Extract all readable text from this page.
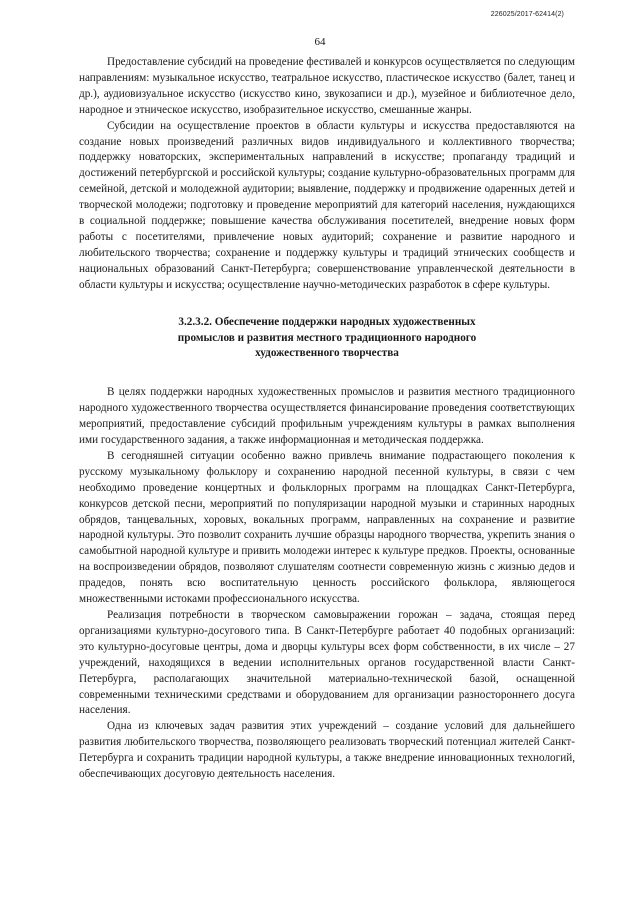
226025/2017-62414(2)
64

Предоставление субсидий на проведение фестивалей и конкурсов осуществляется по следующим направлениям: музыкальное искусство, театральное искусство, пластическое искусство (балет, танец и др.), аудиовизуальное искусство (искусство кино, звукозаписи и др.), музейное и библиотечное дело, народное и этническое искусство, изобразительное искусство, смешанные жанры.

Субсидии на осуществление проектов в области культуры и искусства предоставляются на создание новых произведений различных видов индивидуального и коллективного творчества; поддержку новаторских, экспериментальных направлений в искусстве; пропаганду традиций и достижений петербургской и российской культуры; создание культурно-образовательных программ для семейной, детской и молодежной аудитории; выявление, поддержку и продвижение одаренных детей и творческой молодежи; подготовку и проведение мероприятий для категорий населения, нуждающихся в социальной поддержке; повышение качества обслуживания посетителей, внедрение новых форм работы с посетителями, привлечение новых аудиторий; сохранение и развитие народного и любительского творчества; сохранение и поддержку культуры и традиций этнических сообществ и национальных образований Санкт-Петербурга; совершенствование управленческой деятельности в области культуры и искусства; осуществление научно-методических разработок в сфере культуры.

3.2.3.2. Обеспечение поддержки народных художественных
промыслов и развития местного традиционного народного
художественного творчества

В целях поддержки народных художественных промыслов и развития местного традиционного народного художественного творчества осуществляется финансирование проведения соответствующих мероприятий, предоставление субсидий профильным учреждениям культуры в рамках выполнения ими государственного задания, а также информационная и методическая поддержка.

В сегодняшней ситуации особенно важно привлечь внимание подрастающего поколения к русскому музыкальному фольклору и сохранению народной песенной культуры, в связи с чем необходимо проведение концертных и фольклорных программ на площадках Санкт-Петербурга, конкурсов детской песни, мероприятий по популяризации народной музыки и старинных народных обрядов, танцевальных, хоровых, вокальных программ, направленных на сохранение и развитие народной культуры. Это позволит сохранить лучшие образцы народного творчества, укрепить знания о самобытной народной культуре и привить молодежи интерес к культуре предков. Проекты, основанные на воспроизведении обрядов, позволяют слушателям соотнести современную жизнь с жизнью дедов и прадедов, понять всю воспитательную ценность российского фольклора, являющегося множественными истоками профессионального искусства.

Реализация потребности в творческом самовыражении горожан – задача, стоящая перед организациями культурно-досугового типа. В Санкт-Петербурге работает 40 подобных организаций: это культурно-досуговые центры, дома и дворцы культуры всех форм собственности, в их числе – 27 учреждений, находящихся в ведении исполнительных органов государственной власти Санкт-Петербурга, располагающих значительной материально-технической базой, оснащенной современными техническими средствами и оборудованием для организации разностороннего досуга населения.

Одна из ключевых задач развития этих учреждений – создание условий для дальнейшего развития любительского творчества, позволяющего реализовать творческий потенциал жителей Санкт-Петербурга и сохранить традиции народной культуры, а также внедрение инновационных технологий, обеспечивающих досуговую деятельность населения.
